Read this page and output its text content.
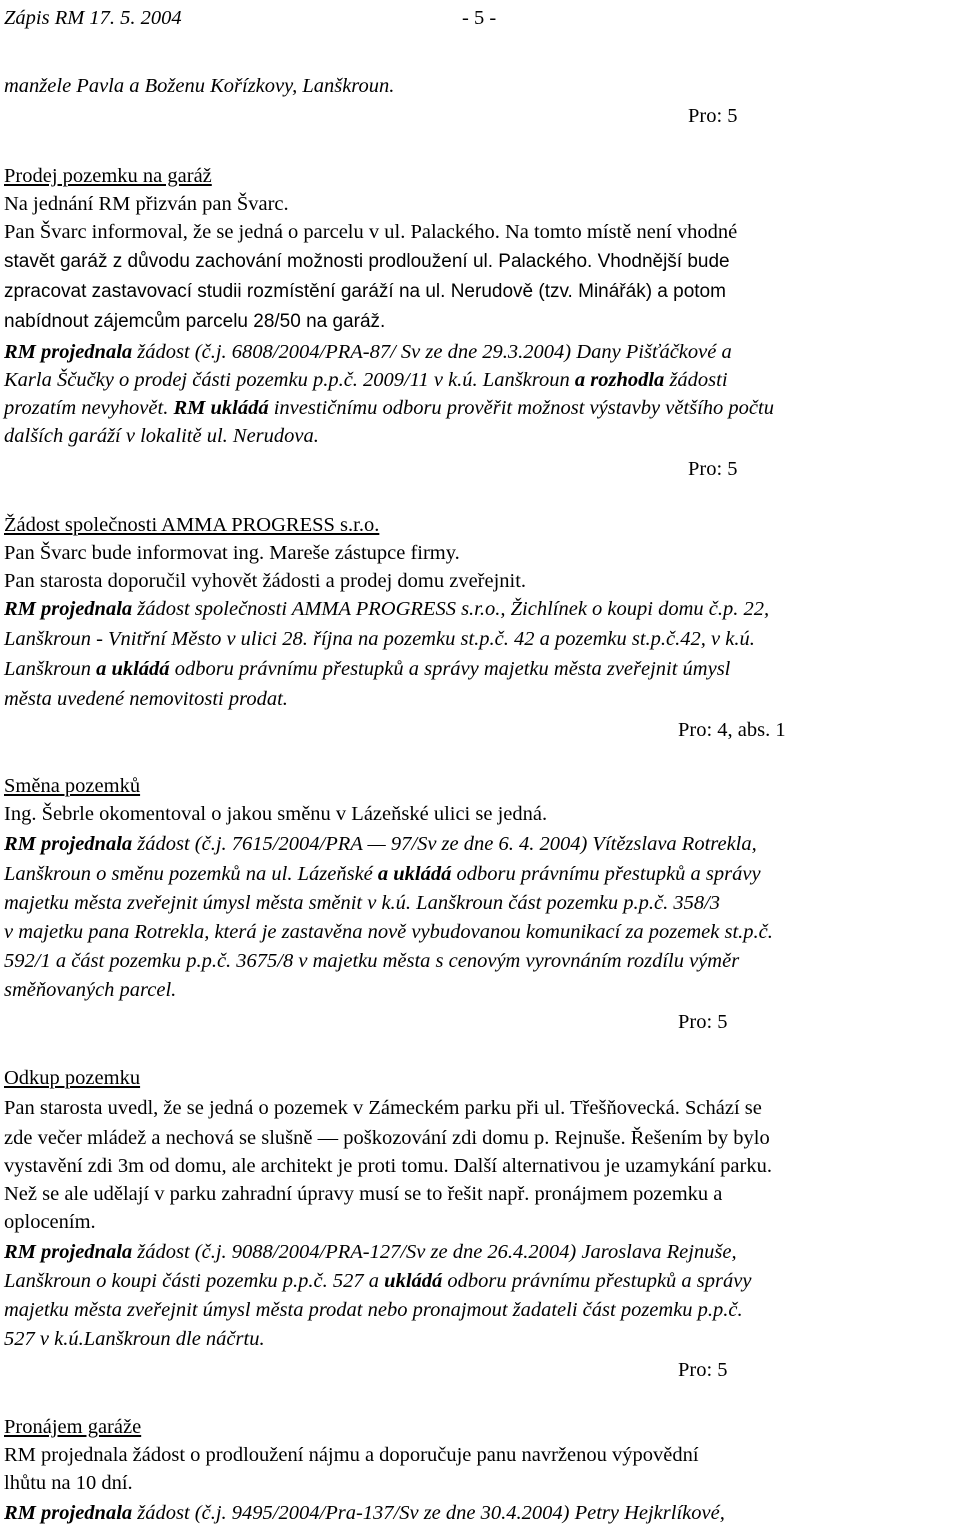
Zápis RM 17. 5. 2004	- 5 -
manžele Pavla a Boženu Kořízkovy, Lanškroun.
Pro: 5
Prodej pozemku na garáž
Na jednání RM přizván pan Švarc.
Pan Švarc informoval, že se jedná o parcelu v ul. Palackého. Na tomto místě není vhodné
stavět garáž z důvodu zachování možnosti prodloužení ul. Palackého. Vhodnější bude
zpracovat zastavovací studii rozmístění garáží na ul. Nerudově (tzv. Minářák) a potom
nabídnout zájemcům parcelu 28/50 na garáž.
RM projednala žádost (č.j. 6808/2004/PRA-87/ Sv ze dne 29.3.2004) Dany Pišťáčkové a
Karla Ščučky o prodej části pozemku p.p.č. 2009/11 v k.ú. Lanškroun a rozhodla žádosti
prozatím nevyhovět. RM ukládá investičnímu odboru prověřit možnost výstavby většího počtu
dalších garáží v lokalitě ul. Nerudova.
Pro: 5
Žádost společnosti AMMA PROGRESS s.r.o.
Pan Švarc bude informovat ing. Mareše zástupce firmy.
Pan starosta doporučil vyhovět žádosti a prodej domu zveřejnit.
RM projednala žádost společnosti AMMA PROGRESS s.r.o., Žichlínek o koupi domu č.p. 22,
Lanškroun - Vnitřní Město v ulici 28. října na pozemku st.p.č. 42 a pozemku st.p.č.42, v k.ú.
Lanškroun a ukládá odboru právnímu přestupků a správy majetku města zveřejnit úmysl
města uvedené nemovitosti prodat.
Pro: 4, abs. 1
Směna pozemků
Ing. Šebrle okomentoval o jakou směnu v Lázeňské ulici se jedná.
RM projednala žádost (č.j. 7615/2004/PRA — 97/Sv ze dne 6. 4. 2004) Vítězslava Rotrekla,
Lanškroun o směnu pozemků na ul. Lázeňské a ukládá odboru právnímu přestupků a správy
majetku města zveřejnit úmysl města směnit v k.ú. Lanškroun část pozemku p.p.č. 358/3
v majetku pana Rotrekla, která je zastavěna nově vybudovanou komunikací za pozemek st.p.č.
592/1 a část pozemku p.p.č. 3675/8 v majetku města s cenovým vyrovnáním rozdílu výměr
směňovaných parcel.
Pro: 5
Odkup pozemku
Pan starosta uvedl, že se jedná o pozemek v Zámeckém parku při ul. Třešňovecká. Schází se
zde večer mládež a nechová se slušně — poškozování zdi domu p. Rejnuše. Řešením by bylo
vystavění zdi 3m od domu, ale architekt je proti tomu. Další alternativou je uzamykání parku.
Než se ale udělají v parku zahradní úpravy musí se to řešit např. pronájmem pozemku a
oplocením.
RM projednala žádost (č.j. 9088/2004/PRA-127/Sv ze dne 26.4.2004) Jaroslava Rejnuše,
Lanškroun o koupi části pozemku p.p.č. 527 a ukládá odboru právnímu přestupků a správy
majetku města zveřejnit úmysl města prodat nebo pronajmout žadateli část pozemku p.p.č.
527 v k.ú.Lanškroun dle náčrtu.
Pro: 5
Pronájem garáže
RM projednala žádost o prodloužení nájmu a doporučuje panu navrženou výpovědní
lhůtu na 10 dní.
RM projednala žádost (č.j. 9495/2004/Pra-137/Sv ze dne 30.4.2004) Petry Hejkrlíkové,
